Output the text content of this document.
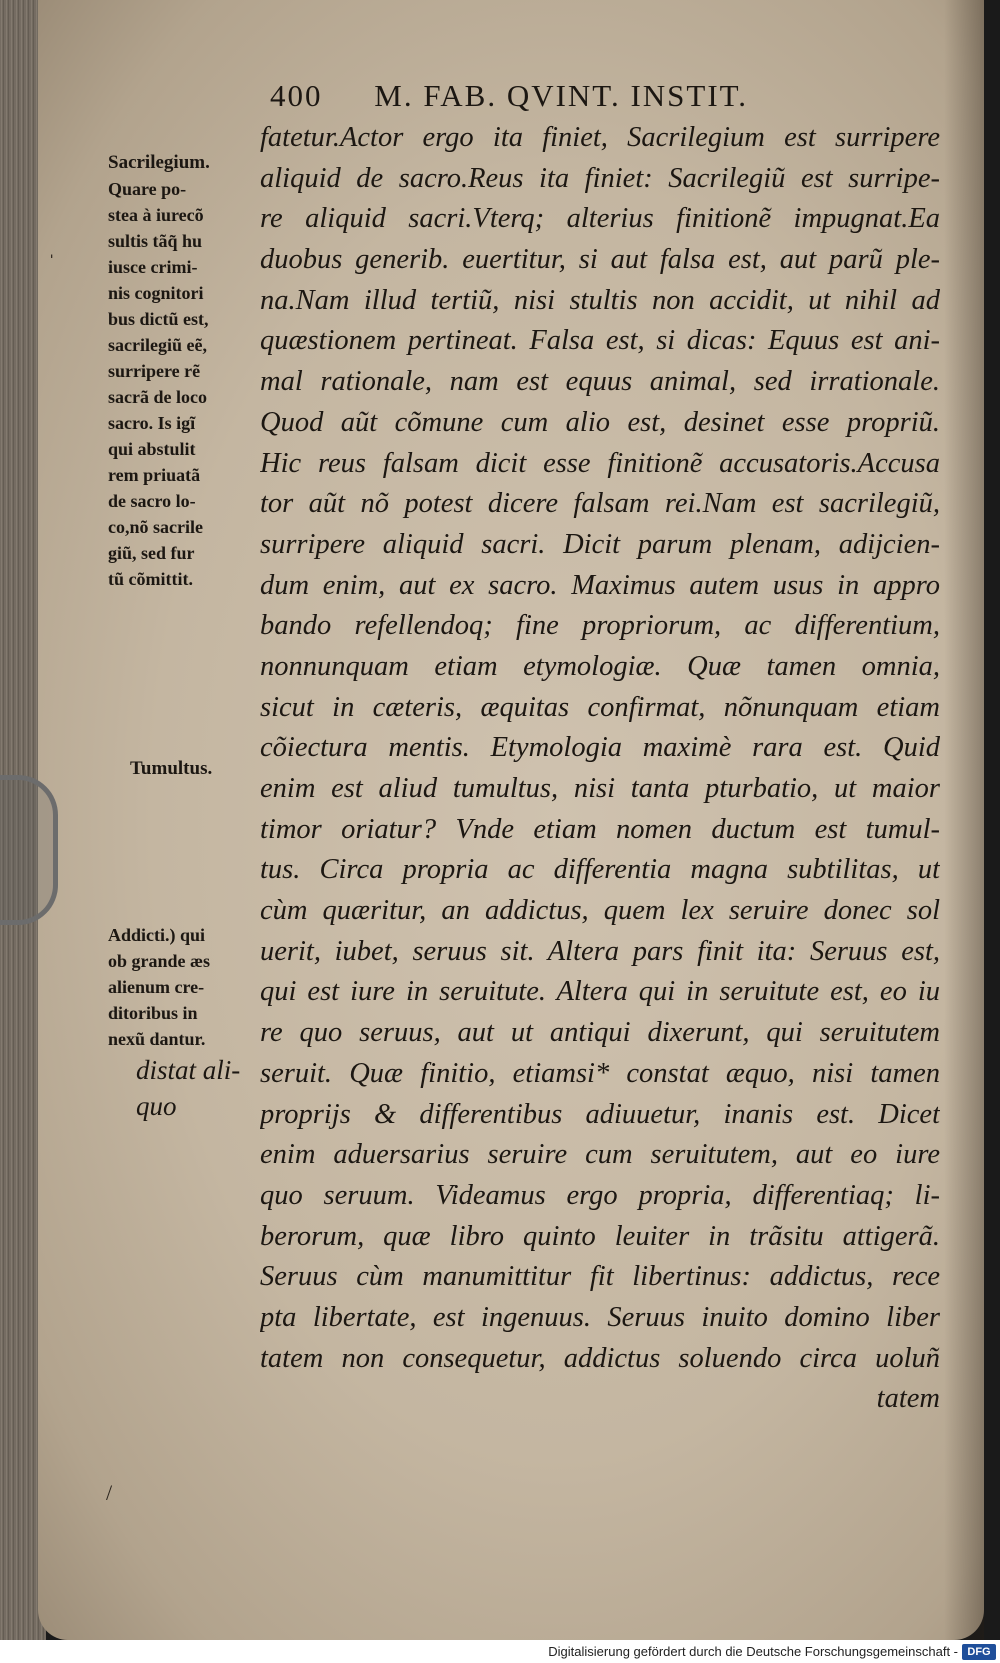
400 M. FAB. QVINT. INSTIT.
fatetur.Actor ergo ita finiet, Sacrilegium est surripere
aliquid de sacro.Reus ita finiet: Sacrilegiũ est surripe-
re aliquid sacri.Vterq; alterius finitionẽ impugnat.Ea
duobus generib. euertitur, si aut falsa est, aut parũ ple-
na.Nam illud tertiũ, nisi stultis non accidit, ut nihil ad
quæstionem pertineat. Falsa est, si dicas: Equus est ani-
mal rationale, nam est equus animal, sed irrationale.
Quod aũt cõmune cum alio est, desinet esse propriũ.
Hic reus falsam dicit esse finitionẽ accusatoris.Accusa
tor aũt nõ potest dicere falsam rei.Nam est sacrilegiũ,
surripere aliquid sacri. Dicit parum plenam, adijcien-
dum enim, aut ex sacro. Maximus autem usus in appro
bando refellendoq; fine propriorum, ac differentium,
nonnunquam etiam etymologiæ. Quæ tamen omnia,
sicut in cæteris, æquitas confirmat, nõnunquam etiam
cõiectura mentis. Etymologia maximè rara est. Quid
enim est aliud tumultus, nisi tanta pturbatio, ut maior
timor oriatur? Vnde etiam nomen ductum est tumul-
tus. Circa propria ac differentia magna subtilitas, ut
cùm quæritur, an addictus, quem lex seruire donec sol
uerit, iubet, seruus sit. Altera pars finit ita: Seruus est,
qui est iure in seruitute. Altera qui in seruitute est, eo iu
re quo seruus, aut ut antiqui dixerunt, qui seruitutem
seruit. Quæ finitio, etiamsi* constat æquo, nisi tamen
proprijs & differentibus adiuuetur, inanis est. Dicet
enim aduersarius seruire cum seruitutem, aut eo iure
quo seruum. Videamus ergo propria, differentiaq; li-
berorum, quæ libro quinto leuiter in trãsitu attigerã.
Seruus cùm manumittitur fit libertinus: addictus, rece
pta libertate, est ingenuus. Seruus inuito domino liber
tatem non consequetur, addictus soluendo circa uoluñ
tatem
Sacrilegium.
Quare po-
stea à iurecõ
sultis tãq̃ hu
iusce crimi-
nis cognitori
bus dictũ est,
sacrilegiũ eẽ,
surripere rẽ
sacrã de loco
sacro. Is igĩ
qui abstulit
rem priuatã
de sacro lo-
co,nõ sacrile
giũ, sed fur
tũ cõmittit.
Tumultus.
Addicti.) qui
ob grande æs
alienum cre-
ditoribus in
nexũ dantur.
distat ali-
quo
ˈ
/
Digitalisierung gefördert durch die Deutsche Forschungsgemeinschaft - DFG
